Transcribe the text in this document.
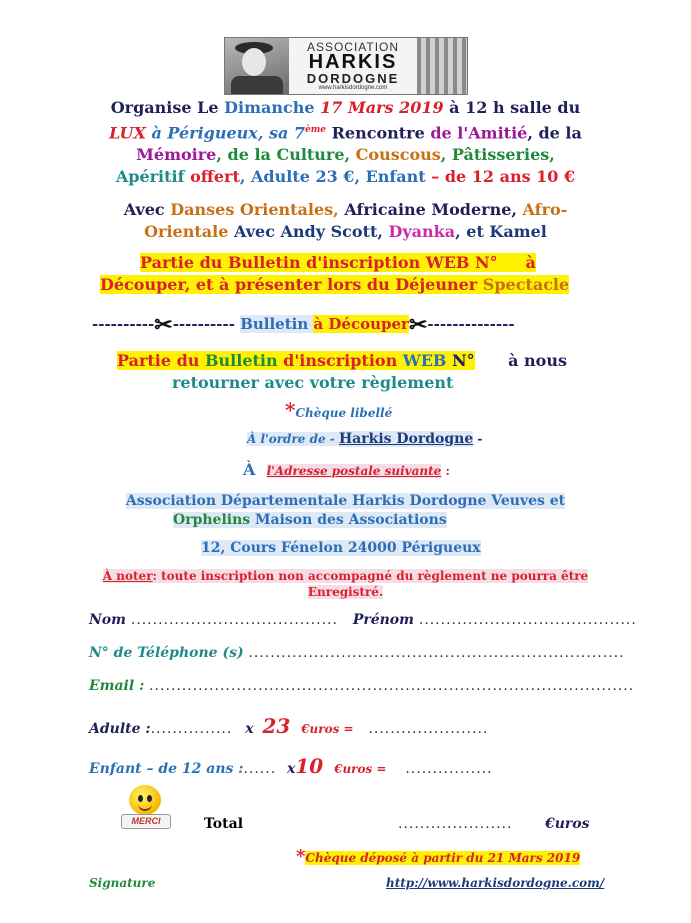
ASSOCIATION
HARKIS
DORDOGNE
www.harkisdordogne.com
Organise Le Dimanche 17 Mars 2019 à 12 h salle du
LUX à Périgueux, sa 7ème Rencontre de l'Amitié, de la
Mémoire, de la Culture, Couscous, Pâtisseries,
Apéritif offert, Adulte 23 €, Enfant – de 12 ans 10 €
Avec Danses Orientales, Africaine Moderne, Afro-
Orientale Avec Andy Scott, Dyanka, et Kamel
Partie du Bulletin d'inscription WEB N° à
Découper, et à présenter lors du Déjeuner Spectacle
----------✂---------- Bulletin à Découper✂--------------
Partie du Bulletin d'inscription WEB N° à nous
retourner avec votre règlement
*Chèque libellé
À l'ordre de - Harkis Dordogne -
À l'Adresse postale suivante :
Association Départementale Harkis Dordogne Veuves et
Orphelins Maison des Associations
12, Cours Fénelon 24000 Périgueux
À noter: toute inscription non accompagné du règlement ne pourra être
Enregistré.
Nom ...................................... Prénom ........................................
N° de Téléphone (s) .....................................................................
Email : .........................................................................................
Adulte :............... x 23 €uros = ......................
Enfant – de 12 ans :...... x10 €uros = ................
MERCI	Total	..................... €uros
*Chèque déposé à partir du 21 Mars 2019
Signature	http://www.harkisdordogne.com/
